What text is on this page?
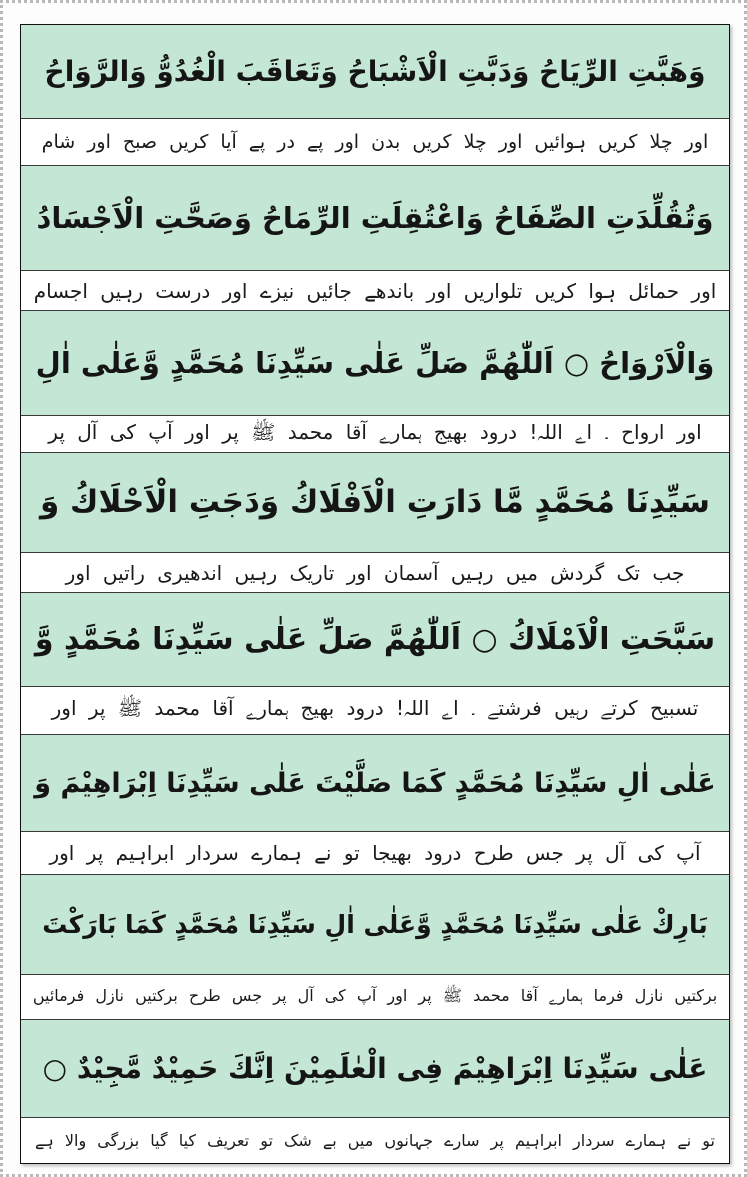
وَهَبَّتِ الرِّيَاحُ وَدَبَّتِ الْاَشْبَاحُ وَتَعَاقَبَ الْغُدُوُّ وَالرَّوَاحُ
اور چلا کریں ہوائیں اور چلا کریں بدن اور پے در پے آیا کریں صبح اور شام
وَتُقُلِّدَتِ الصِّفَاحُ وَاعْتُقِلَتِ الرِّمَاحُ وَصَحَّتِ الْاَجْسَادُ
اور حمائل ہوا کریں تلواریں اور باندھے جائیں نیزے اور درست رہیں اجسام
وَالْاَرْوَاحُ ○ اَللّٰهُمَّ صَلِّ عَلٰى سَيِّدِنَا مُحَمَّدٍ وَّعَلٰى اٰلِ
اور ارواح ۔ اے اللہ! درود بھیج ہمارے آقا محمد ﷺ پر اور آپ کی آل پر
سَيِّدِنَا مُحَمَّدٍ مَّا دَارَتِ الْاَفْلَاكُ وَدَجَتِ الْاَحْلَاكُ وَ
جب تک گردش میں رہیں آسمان اور تاریک رہیں اندھیری راتیں اور
سَبَّحَتِ الْاَمْلَاكُ ○ اَللّٰهُمَّ صَلِّ عَلٰى سَيِّدِنَا مُحَمَّدٍ وَّ
تسبیح کرتے رہیں فرشتے ۔ اے اللہ! درود بھیج ہمارے آقا محمد ﷺ پر اور
عَلٰى اٰلِ سَيِّدِنَا مُحَمَّدٍ كَمَا صَلَّيْتَ عَلٰى سَيِّدِنَا اِبْرَاهِيْمَ وَ
آپ کی آل پر جس طرح درود بھیجا تو نے ہمارے سردار ابراہیم پر اور
بَارِكْ عَلٰى سَيِّدِنَا مُحَمَّدٍ وَّعَلٰى اٰلِ سَيِّدِنَا مُحَمَّدٍ كَمَا بَارَكْتَ
برکتیں نازل فرما ہمارے آقا محمد ﷺ پر اور آپ کی آل پر جس طرح برکتیں نازل فرمائیں
عَلٰى سَيِّدِنَا اِبْرَاهِيْمَ فِى الْعٰلَمِيْنَ اِنَّكَ حَمِيْدٌ مَّجِيْدٌ ○
تو نے ہمارے سردار ابراہیم پر سارے جہانوں میں بے شک تو تعریف کیا گیا بزرگی والا ہے
